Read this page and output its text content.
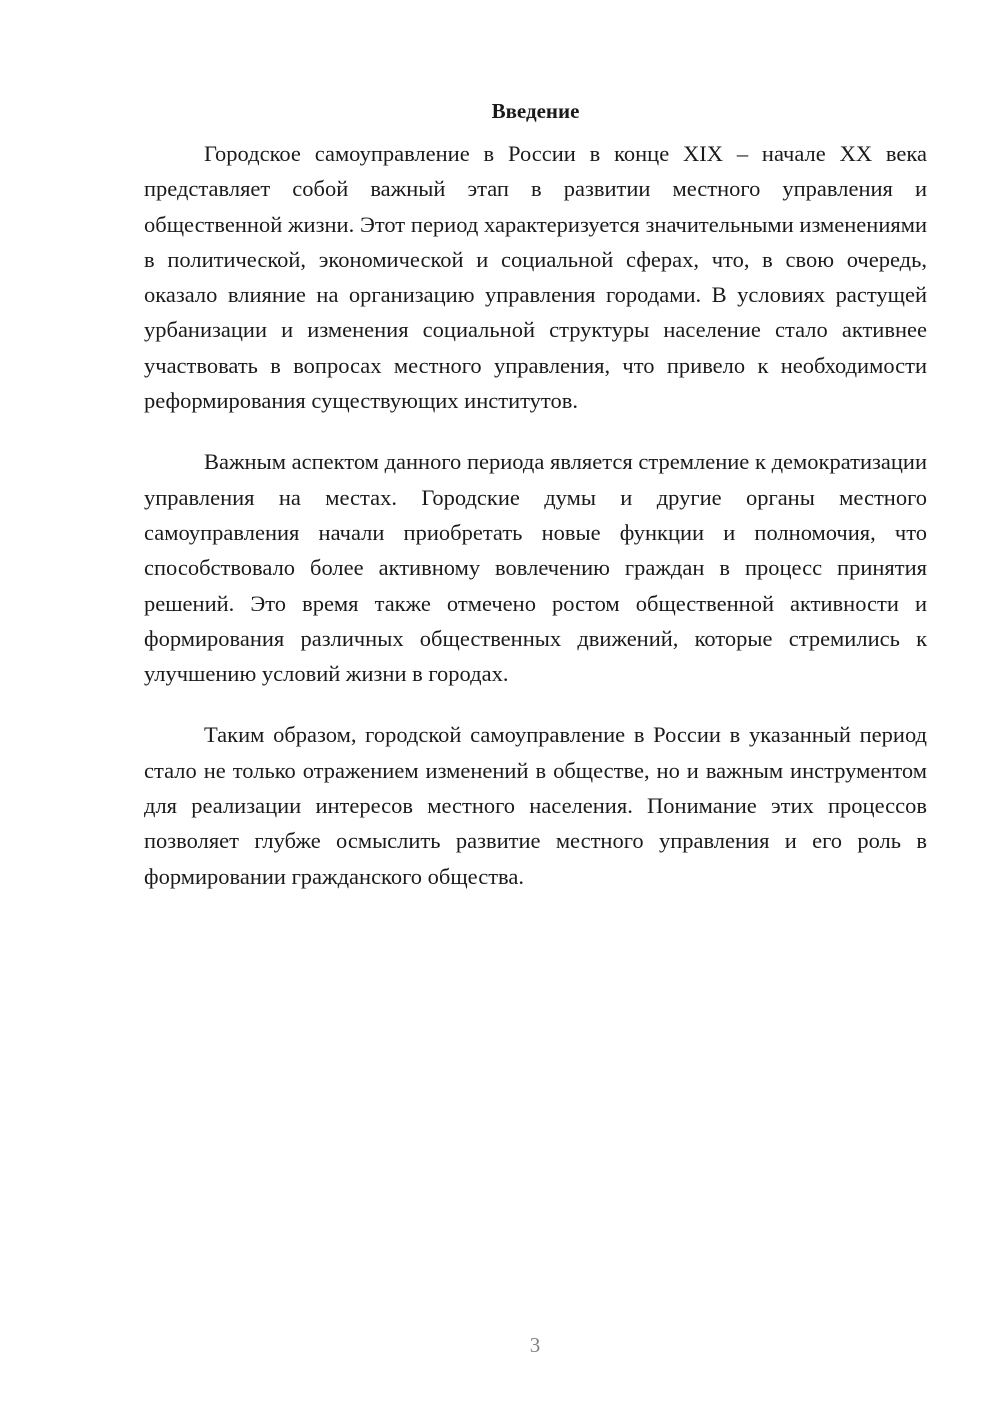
Введение

Городское самоуправление в России в конце XIX – начале XX века представляет собой важный этап в развитии местного управления и общественной жизни. Этот период характеризуется значительными изменениями в политической, экономической и социальной сферах, что, в свою очередь, оказало влияние на организацию управления городами. В условиях растущей урбанизации и изменения социальной структуры население стало активнее участвовать в вопросах местного управления, что привело к необходимости реформирования существующих институтов.

Важным аспектом данного периода является стремление к демократизации управления на местах. Городские думы и другие органы местного самоуправления начали приобретать новые функции и полномочия, что способствовало более активному вовлечению граждан в процесс принятия решений. Это время также отмечено ростом общественной активности и формирования различных общественных движений, которые стремились к улучшению условий жизни в городах.

Таким образом, городской самоуправление в России в указанный период стало не только отражением изменений в обществе, но и важным инструментом для реализации интересов местного населения. Понимание этих процессов позволяет глубже осмыслить развитие местного управления и его роль в формировании гражданского общества.

3
